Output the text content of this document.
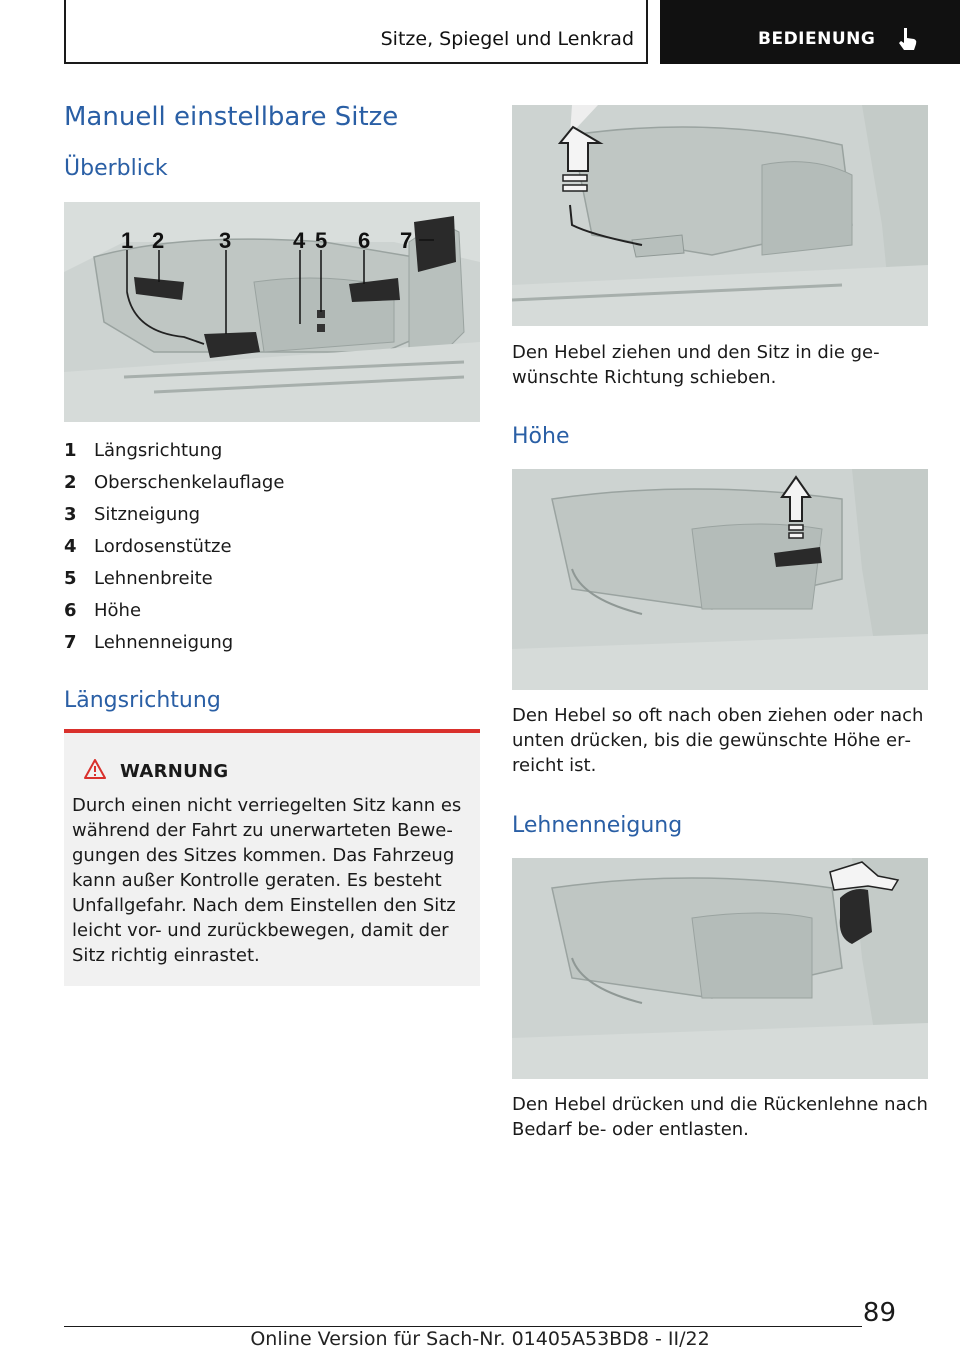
Sitze, Spiegel und Lenkrad	BEDIENUNG
Manuell einstellbare Sitze
Überblick
1 2 3	4 5 6 7
1 Längsrichtung
2 Oberschenkelauflage
3 Sitzneigung
4 Lordosenstütze
5 Lehnenbreite
6 Höhe
7 Lehnenneigung
Längsrichtung
WARNUNG
Durch einen nicht verriegelten Sitz kann es während der Fahrt zu unerwarteten Bewegungen des Sitzes kommen. Das Fahrzeug kann außer Kontrolle geraten. Es besteht Unfallgefahr. Nach dem Einstellen den Sitz leicht vor- und zurückbewegen, damit der Sitz richtig einrastet.
Den Hebel ziehen und den Sitz in die gewünschte Richtung schieben.
Höhe
Den Hebel so oft nach oben ziehen oder nach unten drücken, bis die gewünschte Höhe erreicht ist.
Lehnenneigung
Den Hebel drücken und die Rückenlehne nach Bedarf be- oder entlasten.
89
Online Version für Sach-Nr. 01405A53BD8 - II/22
